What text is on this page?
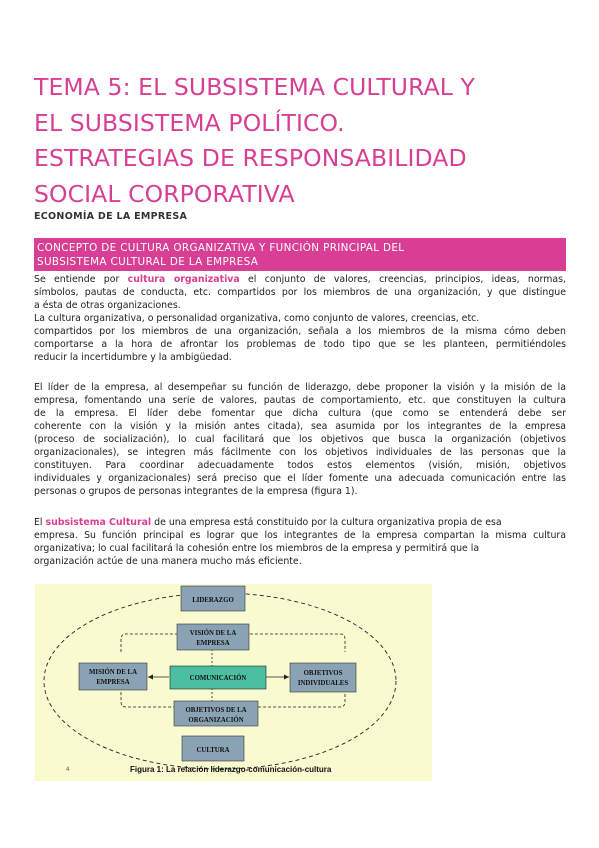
TEMA 5: EL SUBSISTEMA CULTURAL Y
EL SUBSISTEMA POLÍTICO.
ESTRATEGIAS DE RESPONSABILIDAD
SOCIAL CORPORATIVA
ECONOMÍA DE LA EMPRESA
CONCEPTO DE CULTURA ORGANIZATIVA Y FUNCIÓN PRINCIPAL DEL
SUBSISTEMA CULTURAL DE LA EMPRESA
Se entiende por cultura organizativa el conjunto de valores, creencias, principios, ideas, normas,
símbolos, pautas de conducta, etc. compartidos por los miembros de una organización, y que distingue
a ésta de otras organizaciones.
La cultura organizativa, o personalidad organizativa, como conjunto de valores, creencias, etc.
compartidos por los miembros de una organización, señala a los miembros de la misma cómo deben
comportarse a la hora de afrontar los problemas de todo tipo que se les planteen, permitiéndoles
reducir la incertidumbre y la ambigüedad.
El líder de la empresa, al desempeñar su función de liderazgo, debe proponer la visión y la misión de la
empresa, fomentando una serie de valores, pautas de comportamiento, etc. que constituyen la cultura
de la empresa. El líder debe fomentar que dicha cultura (que como se entenderá debe ser
coherente con la visión y la misión antes citada), sea asumida por los integrantes de la empresa
(proceso de socialización), lo cual facilitará que los objetivos que busca la organización (objetivos
organizacionales), se integren más fácilmente con los objetivos individuales de las personas que la
constituyen. Para coordinar adecuadamente todos estos elementos (visión, misión, objetivos
individuales y organizacionales) será preciso que el líder fomente una adecuada comunicación entre las
personas o grupos de personas integrantes de la empresa (figura 1).
El subsistema Cultural de una empresa está constituido por la cultura organizativa propia de esa
empresa. Su función principal es lograr que los integrantes de la empresa compartan la misma cultura
organizativa; lo cual facilitará la cohesión entre los miembros de la empresa y permitirá que la
organización actúe de una manera mucho más eficiente.
LIDERAZGO
VISIÓN DE LA
EMPRESA
MISIÓN DE LA
EMPRESA
COMUNICACIÓN
OBJETIVOS
INDIVIDUALES
OBJETIVOS DE LA
ORGANIZACIÓN
CULTURA
4	Figura 1: La relación liderazgo-comunicación-cultura
